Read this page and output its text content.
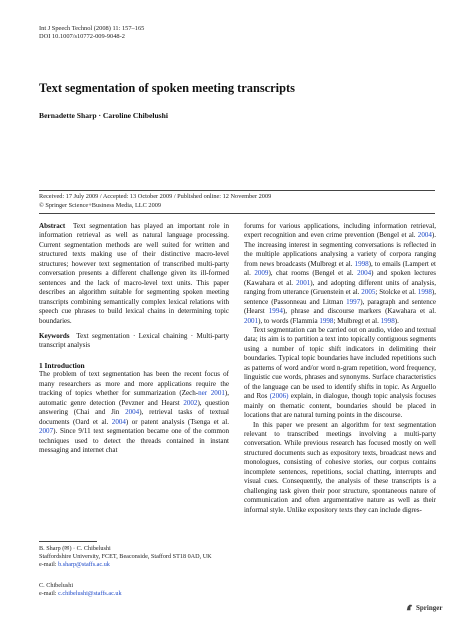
Int J Speech Technol (2008) 11: 157–165
DOI 10.1007/s10772-009-9048-2
Text segmentation of spoken meeting transcripts
Bernadette Sharp · Caroline Chibelushi
Received: 17 July 2009 / Accepted: 13 October 2009 / Published online: 12 November 2009
© Springer Science+Business Media, LLC 2009

Abstract Text segmentation has played an important role in information retrieval as well as natural language processing. Current segmentation methods are well suited for written and structured texts making use of their distinctive macro-level structures; however text segmentation of transcribed multi-party conversation presents a different challenge given its ill-formed sentences and the lack of macro-level text units. This paper describes an algorithm suitable for segmenting spoken meeting transcripts combining semantically complex lexical relations with speech cue phrases to build lexical chains in determining topic boundaries.

Keywords Text segmentation · Lexical chaining · Multi-party transcript analysis

1 Introduction

The problem of text segmentation has been the recent focus of many researchers as more and more applications require the tracking of topics whether for summarization (Zech-ner 2001), automatic genre detection (Pevzner and Hearst 2002), question answering (Chai and Jin 2004), retrieval tasks of textual documents (Oard et al. 2004) or patent analysis (Tsenga et al. 2007). Since 9/11 text segmentation became one of the common techniques used to detect the threads contained in instant messaging and internet chat

forums for various applications, including information retrieval, expert recognition and even crime prevention (Bengel et al. 2004). The increasing interest in segmenting conversations is reflected in the multiple applications analysing a variety of corpora ranging from news broadcasts (Mulbregt et al. 1998), to emails (Lampert et al. 2009), chat rooms (Bengel et al. 2004) and spoken lectures (Kawahara et al. 2001), and adopting different units of analysis, ranging from utterance (Gruenstein et al. 2005; Stolcke et al. 1998), sentence (Passonneau and Litman 1997), paragraph and sentence (Hearst 1994), phrase and discourse markers (Kawahara et al. 2001), to words (Flammia 1998; Mulbregt et al. 1998).

Text segmentation can be carried out on audio, video and textual data; its aim is to partition a text into topically contiguous segments using a number of topic shift indicators in delimiting their boundaries. Typical topic boundaries have included repetitions such as patterns of word and/or word n-gram repetition, word frequency, linguistic cue words, phrases and synonyms. Surface characteristics of the language can be used to identify shifts in topic. As Arguello and Ros (2006) explain, in dialogue, though topic analysis focuses mainly on thematic content, boundaries should be placed in locations that are natural turning points in the discourse.

In this paper we present an algorithm for text segmentation relevant to transcribed meetings involving a multi-party conversation. While previous research has focused mostly on well structured documents such as expository texts, broadcast news and monologues, consisting of cohesive stories, our corpus contains incomplete sentences, repetitions, social chatting, interrupts and visual cues. Consequently, the analysis of these transcripts is a challenging task given their poor structure, spontaneous nature of communication and often argumentative nature as well as their informal style. Unlike expository texts they can include digres-

B. Sharp (✉) · C. Chibelushi
Staffordshire University, FCET, Beaconside, Stafford ST18 0AD, UK
e-mail: b.sharp@staffs.ac.uk
C. Chibelushi
e-mail: c.chibelushi@staffs.ac.uk
Springer
